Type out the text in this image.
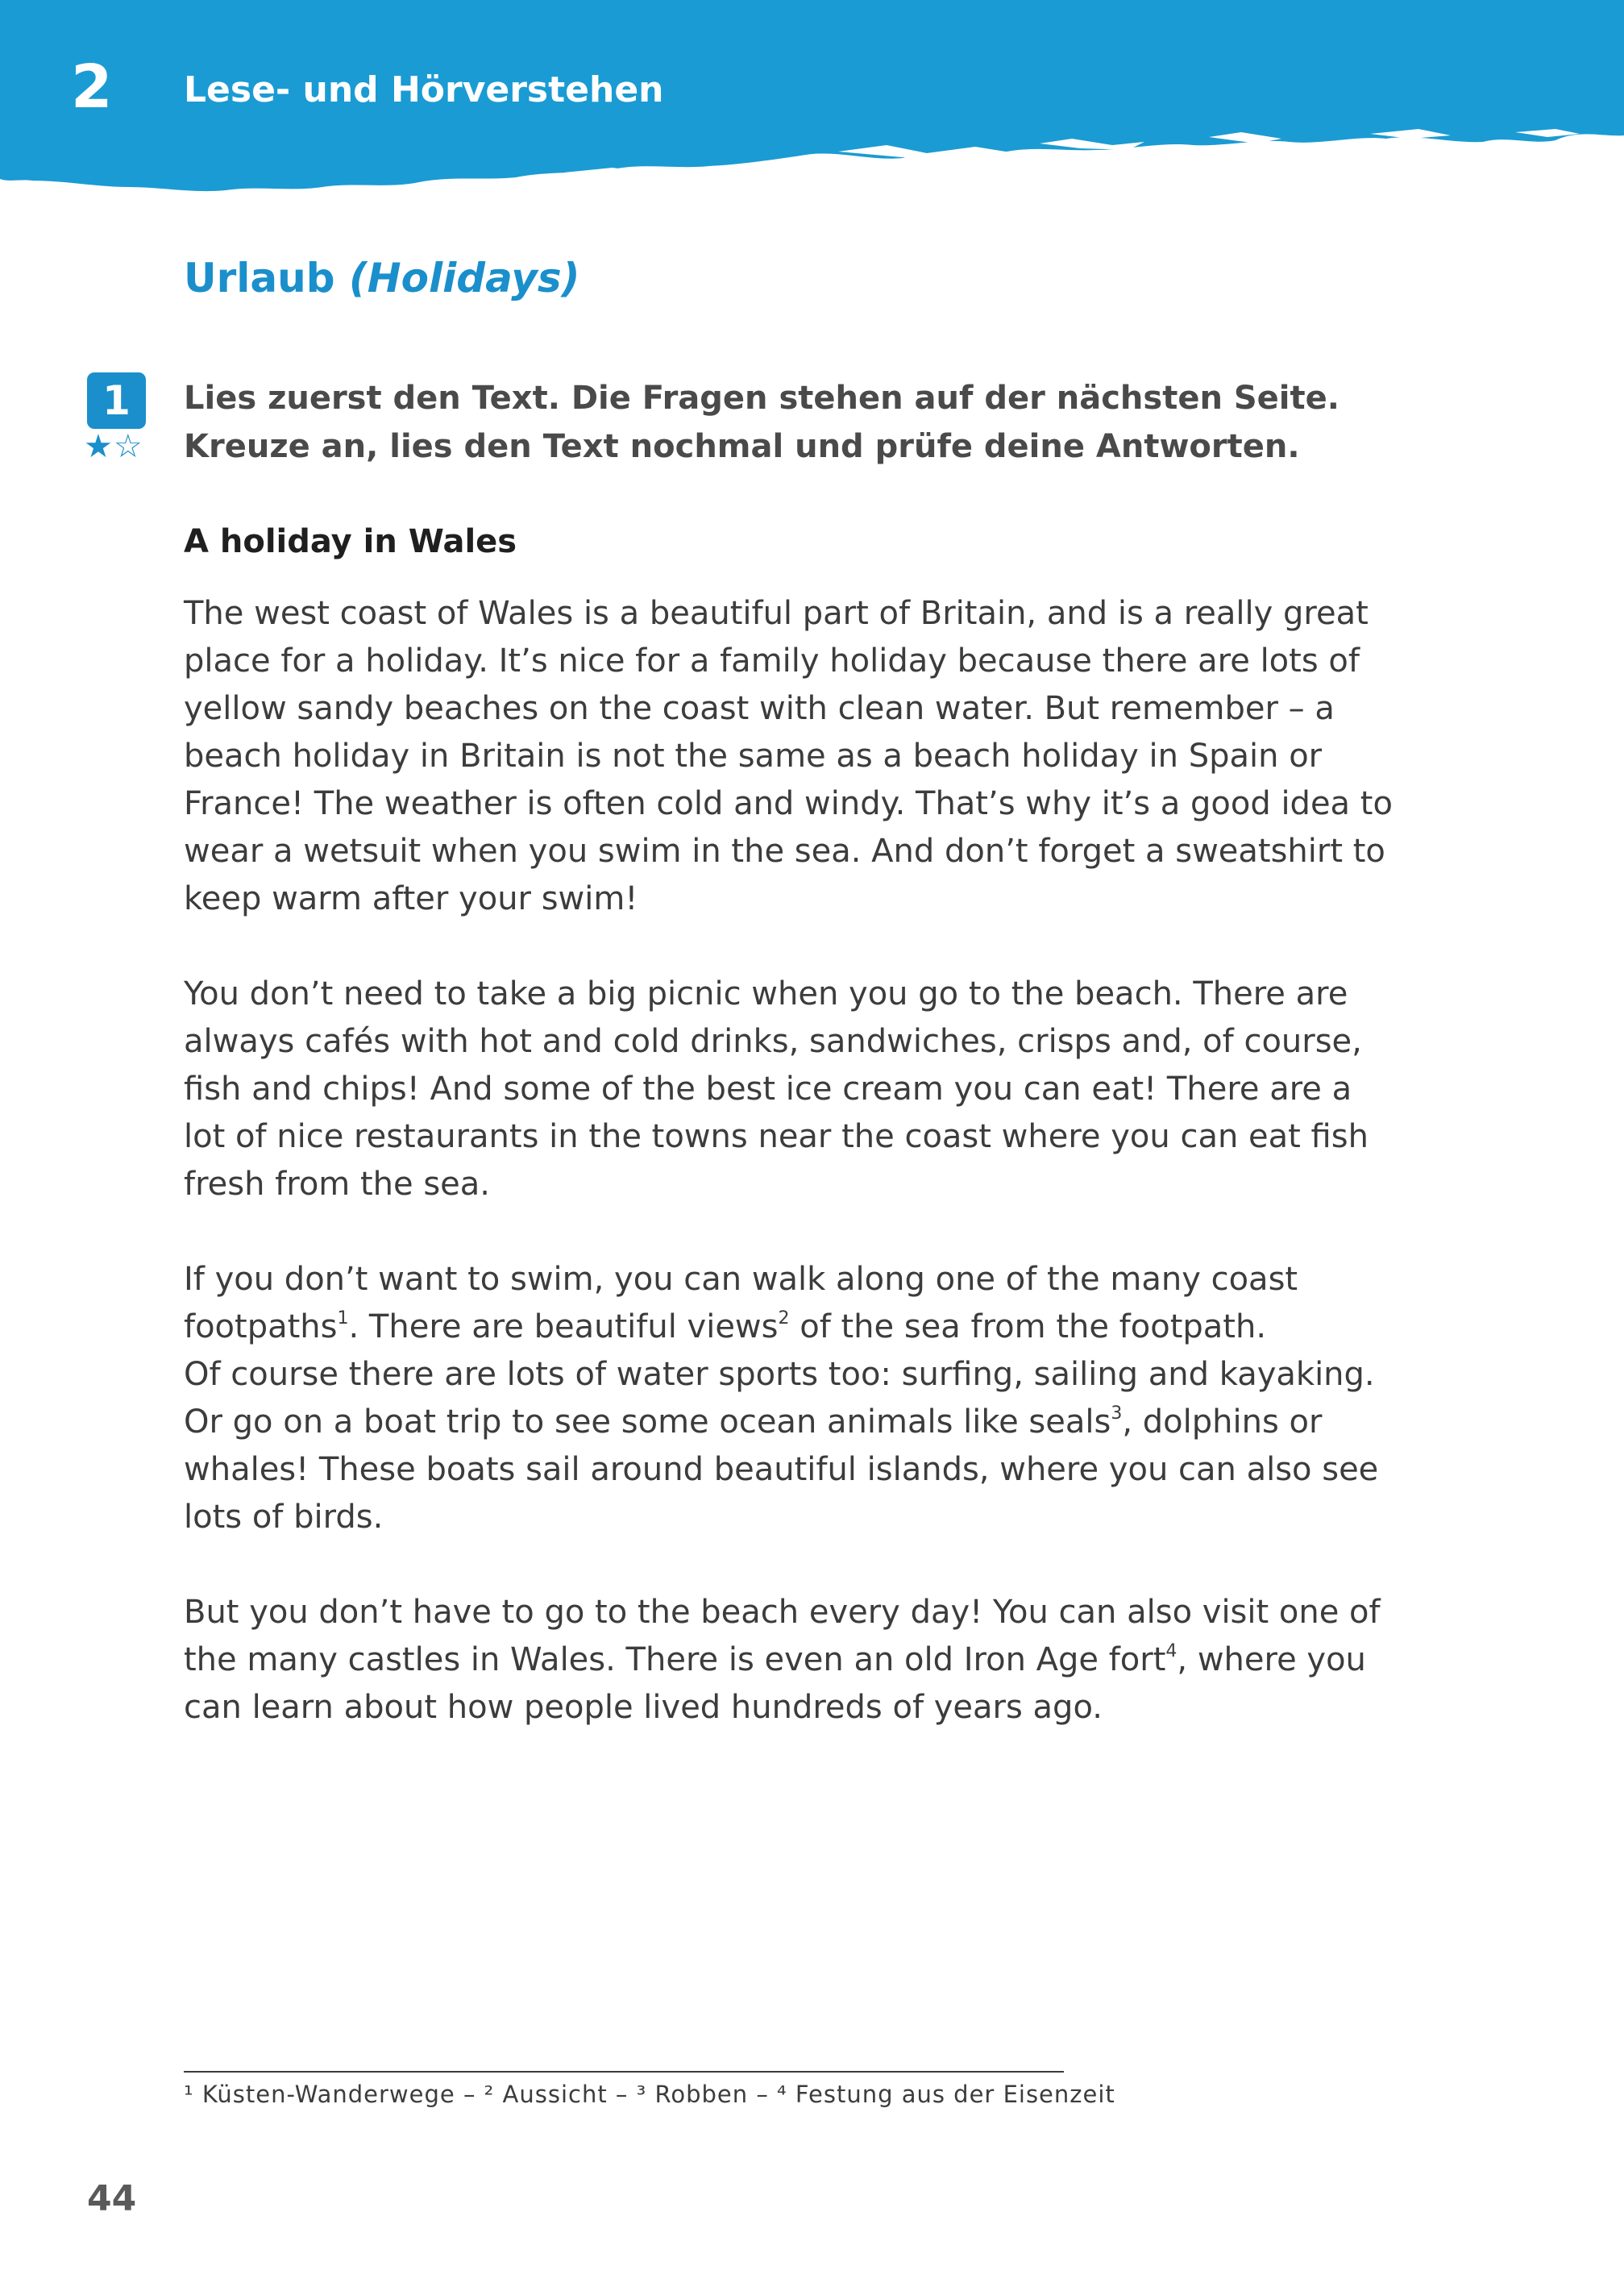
2 Lese- und Hörverstehen
Urlaub (Holidays)
1
★☆

Lies zuerst den Text. Die Fragen stehen auf der nächsten Seite.
Kreuze an, lies den Text nochmal und prüfe deine Antworten.

A holiday in Wales

The west coast of Wales is a beautiful part of Britain, and is a really great
place for a holiday. It’s nice for a family holiday because there are lots of
yellow sandy beaches on the coast with clean water. But remember – a
beach holiday in Britain is not the same as a beach holiday in Spain or
France! The weather is often cold and windy. That’s why it’s a good idea to
wear a wetsuit when you swim in the sea. And don’t forget a sweatshirt to
keep warm after your swim!

You don’t need to take a big picnic when you go to the beach. There are
always cafés with hot and cold drinks, sandwiches, crisps and, of course,
fish and chips! And some of the best ice cream you can eat! There are a
lot of nice restaurants in the towns near the coast where you can eat fish
fresh from the sea.

If you don’t want to swim, you can walk along one of the many coast
footpaths$^1$. There are beautiful views$^2$ of the sea from the footpath.
Of course there are lots of water sports too: surfing, sailing and kayaking.
Or go on a boat trip to see some ocean animals like seals$^3$, dolphins or
whales! These boats sail around beautiful islands, where you can also see
lots of birds.

But you don’t have to go to the beach every day! You can also visit one of
the many castles in Wales. There is even an old Iron Age fort$^4$, where you
can learn about how people lived hundreds of years ago.

¹ Küsten-Wanderwege – ² Aussicht – ³ Robben – ⁴ Festung aus der Eisenzeit
44
